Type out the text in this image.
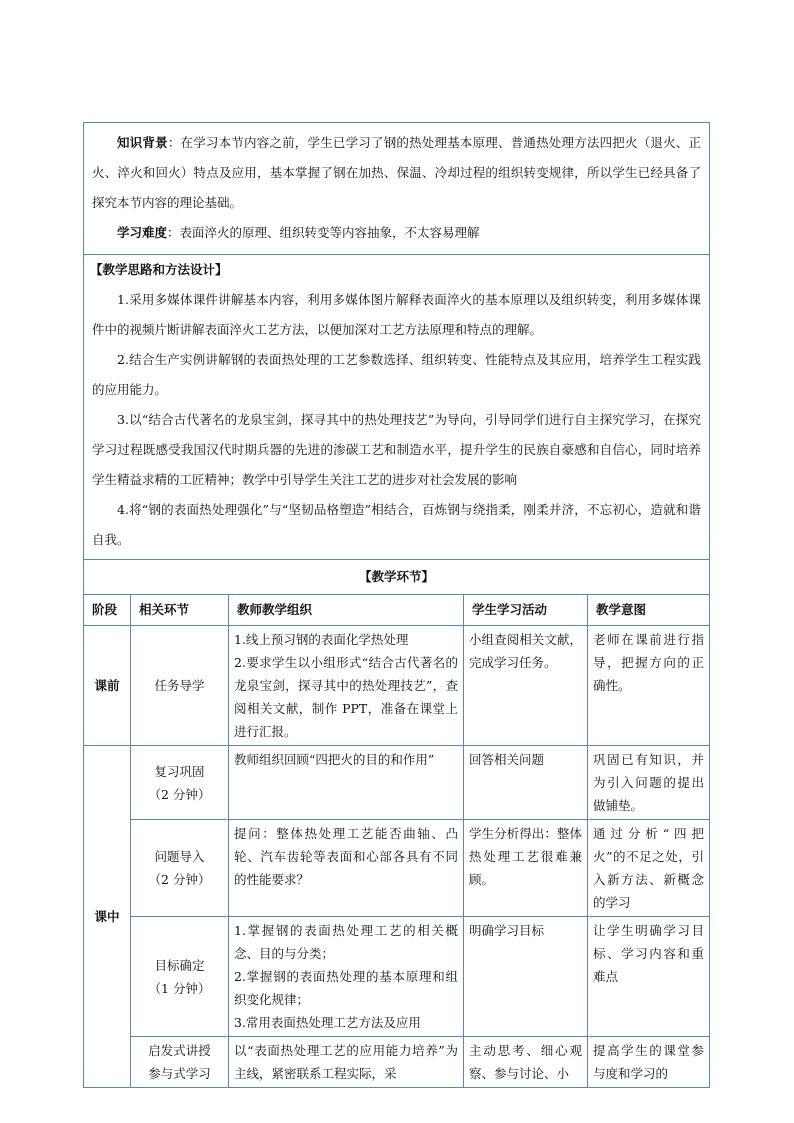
知识背景：在学习本节内容之前，学生已学习了钢的热处理基本原理、普通热处理方法四把火（退火、正火、淬火和回火）特点及应用，基本掌握了钢在加热、保温、冷却过程的组织转变规律，所以学生已经具备了探究本节内容的理论基础。

学习难度：表面淬火的原理、组织转变等内容抽象，不太容易理解				

【教学思路和方法设计】

1.采用多媒体课件讲解基本内容，利用多媒体图片解释表面淬火的基本原理以及组织转变，利用多媒体课件中的视频片断讲解表面淬火工艺方法，以便加深对工艺方法原理和特点的理解。

2.结合生产实例讲解钢的表面热处理的工艺参数选择、组织转变、性能特点及其应用，培养学生工程实践的应用能力。

3.以“结合古代著名的龙泉宝剑，探寻其中的热处理技艺”为导向，引导同学们进行自主探究学习，在探究学习过程既感受我国汉代时期兵器的先进的渗碳工艺和制造水平，提升学生的民族自豪感和自信心，同时培养学生精益求精的工匠精神；教学中引导学生关注工艺的进步对社会发展的影响

4.将“钢的表面热处理强化”与“坚韧品格塑造”相结合，百炼钢与绕指柔，刚柔并济，不忘初心，造就和谐自我。				

【教学环节】				
阶段	相关环节	教师教学组织	学生学习活动	教学意图
课前	任务导学	1.线上预习钢的表面化学热处理
2.要求学生以小组形式“结合古代著名的龙泉宝剑，探寻其中的热处理技艺”，查阅相关文献，制作 PPT，准备在课堂上进行汇报。	小组查阅相关文献，完成学习任务。	老师在课前进行指导，把握方向的正确性。
课中	复习巩固
（2 分钟）	教师组织回顾“四把火的目的和作用”	回答相关问题	巩固已有知识，并为引入问题的提出做铺垫。

	问题导入
（2 分钟）	提问：整体热处理工艺能否曲轴、凸轮、汽车齿轮等表面和心部各具有不同的性能要求？	学生分析得出：整体热处理工艺很难兼顾。	通过分析“四把火”的不足之处，引入新方法、新概念的学习

	目标确定
（1 分钟）	1.掌握钢的表面热处理工艺的相关概念、目的与分类；
2.掌握钢的表面热处理的基本原理和组织变化规律；
3.常用表面热处理工艺方法及应用	明确学习目标	让学生明确学习目标、学习内容和重难点

	启发式讲授
参与式学习	以“表面热处理工艺的应用能力培养”为主线，紧密联系工程实际，采	主动思考、细心观察、参与讨论、小	提高学生的课堂参与度和学习的
